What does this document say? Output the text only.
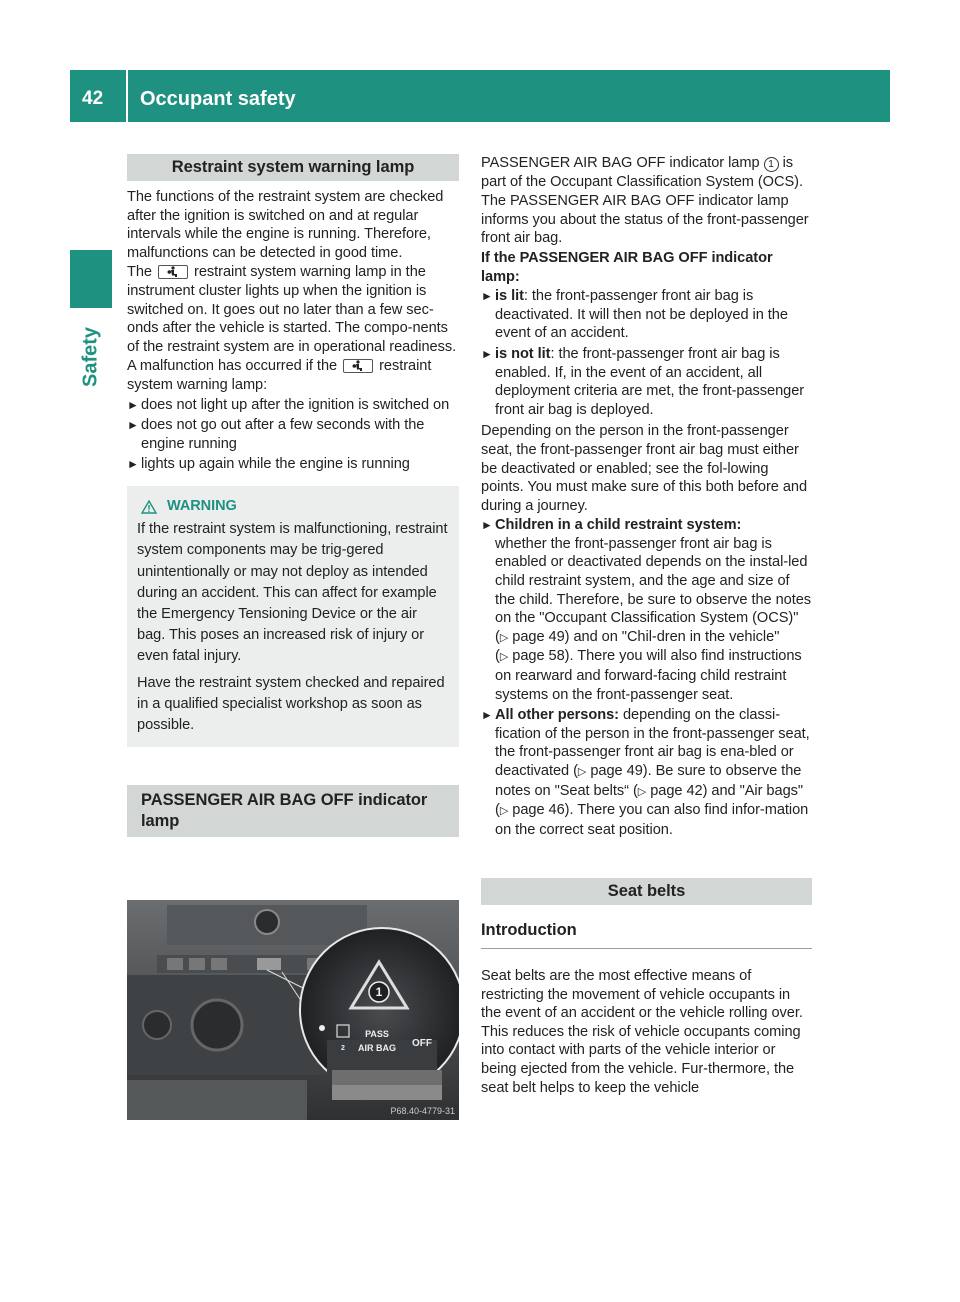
42 Occupant safety
Safety
Restraint system warning lamp

The functions of the restraint system are checked after the ignition is switched on and at regular intervals while the engine is running. Therefore, malfunctions can be detected in good time.

The	restraint system warning lamp in the instrument cluster lights up when the ignition is switched on. It goes out no later than a few sec-onds after the vehicle is started. The compo-nents of the restraint system are in operational readiness.

A malfunction has occurred if the	restraint system warning lamp:

► does not light up after the ignition is switched on
► does not go out after a few seconds with the engine running
► lights up again while the engine is running
WARNING

If the restraint system is malfunctioning, restraint system components may be trig-gered unintentionally or may not deploy as intended during an accident. This can affect for example the Emergency Tensioning Device or the air bag. This poses an increased risk of injury or even fatal injury.

Have the restraint system checked and repaired in a qualified specialist workshop as soon as possible.

PASSENGER AIR BAG OFF indicator lamp
1
PASS
2 AIR BAG OFF
P68.40-4779-31

PASSENGER AIR BAG OFF indicator lamp 1 is part of the Occupant Classification System (OCS).

The PASSENGER AIR BAG OFF indicator lamp informs you about the status of the front-passenger front air bag.

If the PASSENGER AIR BAG OFF indicator lamp:

► is lit: the front-passenger front air bag is deactivated. It will then not be deployed in the event of an accident.
► is not lit: the front-passenger front air bag is enabled. If, in the event of an accident, all deployment criteria are met, the front-passenger front air bag is deployed.

Depending on the person in the front-passenger seat, the front-passenger front air bag must either be deactivated or enabled; see the fol-lowing points. You must make sure of this both before and during a journey.

► Children in a child restraint system:
whether the front-passenger front air bag is enabled or deactivated depends on the instal-led child restraint system, and the age and size of the child. Therefore, be sure to observe the notes on the "Occupant Classification System (OCS)" (▷ page 49) and on "Chil-dren in the vehicle" (▷ page 58). There you will also find instructions on rearward and forward-facing child restraint systems on the front-passenger seat.
► All other persons: depending on the classi-fication of the person in the front-passenger seat, the front-passenger front air bag is ena-bled or deactivated (▷ page 49). Be sure to observe the notes on "Seat belts“ (▷ page 42) and "Air bags" (▷ page 46). There you can also find infor-mation on the correct seat position.
Seat belts
Introduction

Seat belts are the most effective means of restricting the movement of vehicle occupants in the event of an accident or the vehicle rolling over. This reduces the risk of vehicle occupants coming into contact with parts of the vehicle interior or being ejected from the vehicle. Fur-thermore, the seat belt helps to keep the vehicle
